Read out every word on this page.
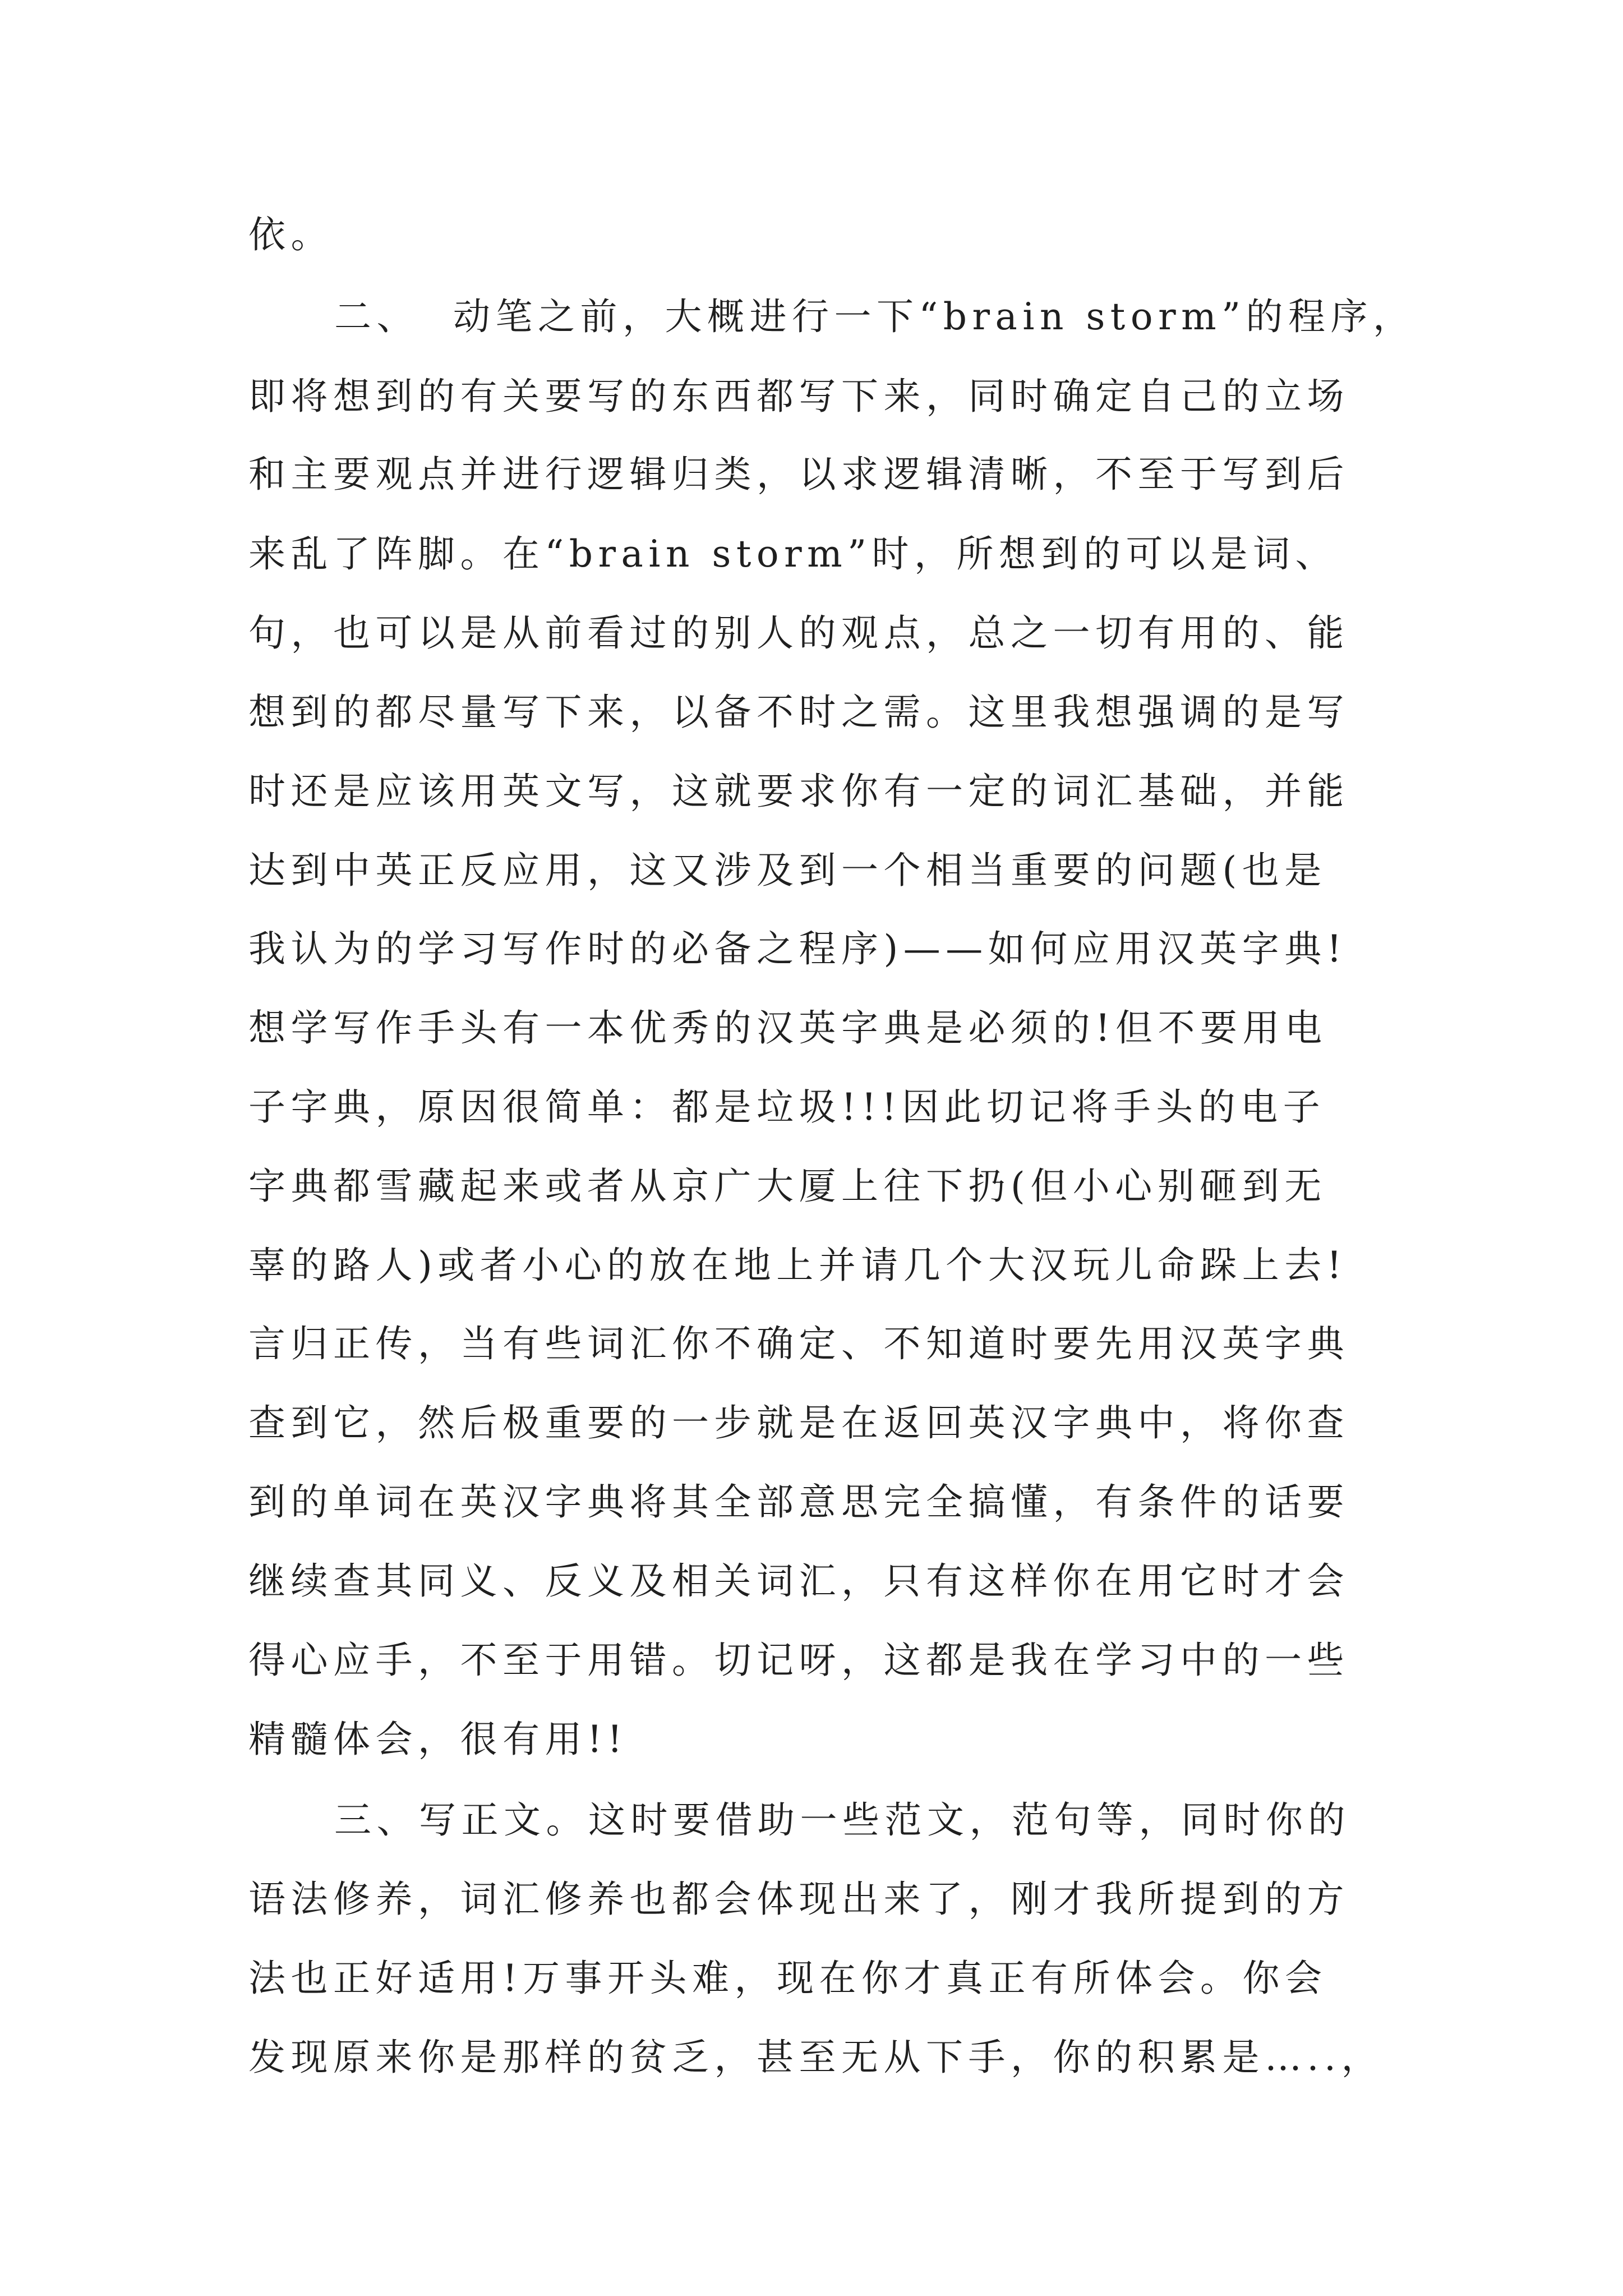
依。

二、  动笔之前，大概进行一下“brain storm”的程序，

即将想到的有关要写的东西都写下来，同时确定自己的立场

和主要观点并进行逻辑归类，以求逻辑清晰，不至于写到后

来乱了阵脚。在“brain storm”时，所想到的可以是词、

句，也可以是从前看过的别人的观点，总之一切有用的、能

想到的都尽量写下来，以备不时之需。这里我想强调的是写

时还是应该用英文写，这就要求你有一定的词汇基础，并能

达到中英正反应用，这又涉及到一个相当重要的问题(也是

我认为的学习写作时的必备之程序)——如何应用汉英字典!

想学写作手头有一本优秀的汉英字典是必须的!但不要用电

子字典，原因很简单：都是垃圾!!!因此切记将手头的电子

字典都雪藏起来或者从京广大厦上往下扔(但小心别砸到无

辜的路人)或者小心的放在地上并请几个大汉玩儿命跺上去!

言归正传，当有些词汇你不确定、不知道时要先用汉英字典

查到它，然后极重要的一步就是在返回英汉字典中，将你查

到的单词在英汉字典将其全部意思完全搞懂，有条件的话要

继续查其同义、反义及相关词汇，只有这样你在用它时才会

得心应手，不至于用错。切记呀，这都是我在学习中的一些

精髓体会，很有用!!

三、写正文。这时要借助一些范文，范句等，同时你的

语法修养，词汇修养也都会体现出来了，刚才我所提到的方

法也正好适用!万事开头难，现在你才真正有所体会。你会

发现原来你是那样的贫乏，甚至无从下手，你的积累是…..，
